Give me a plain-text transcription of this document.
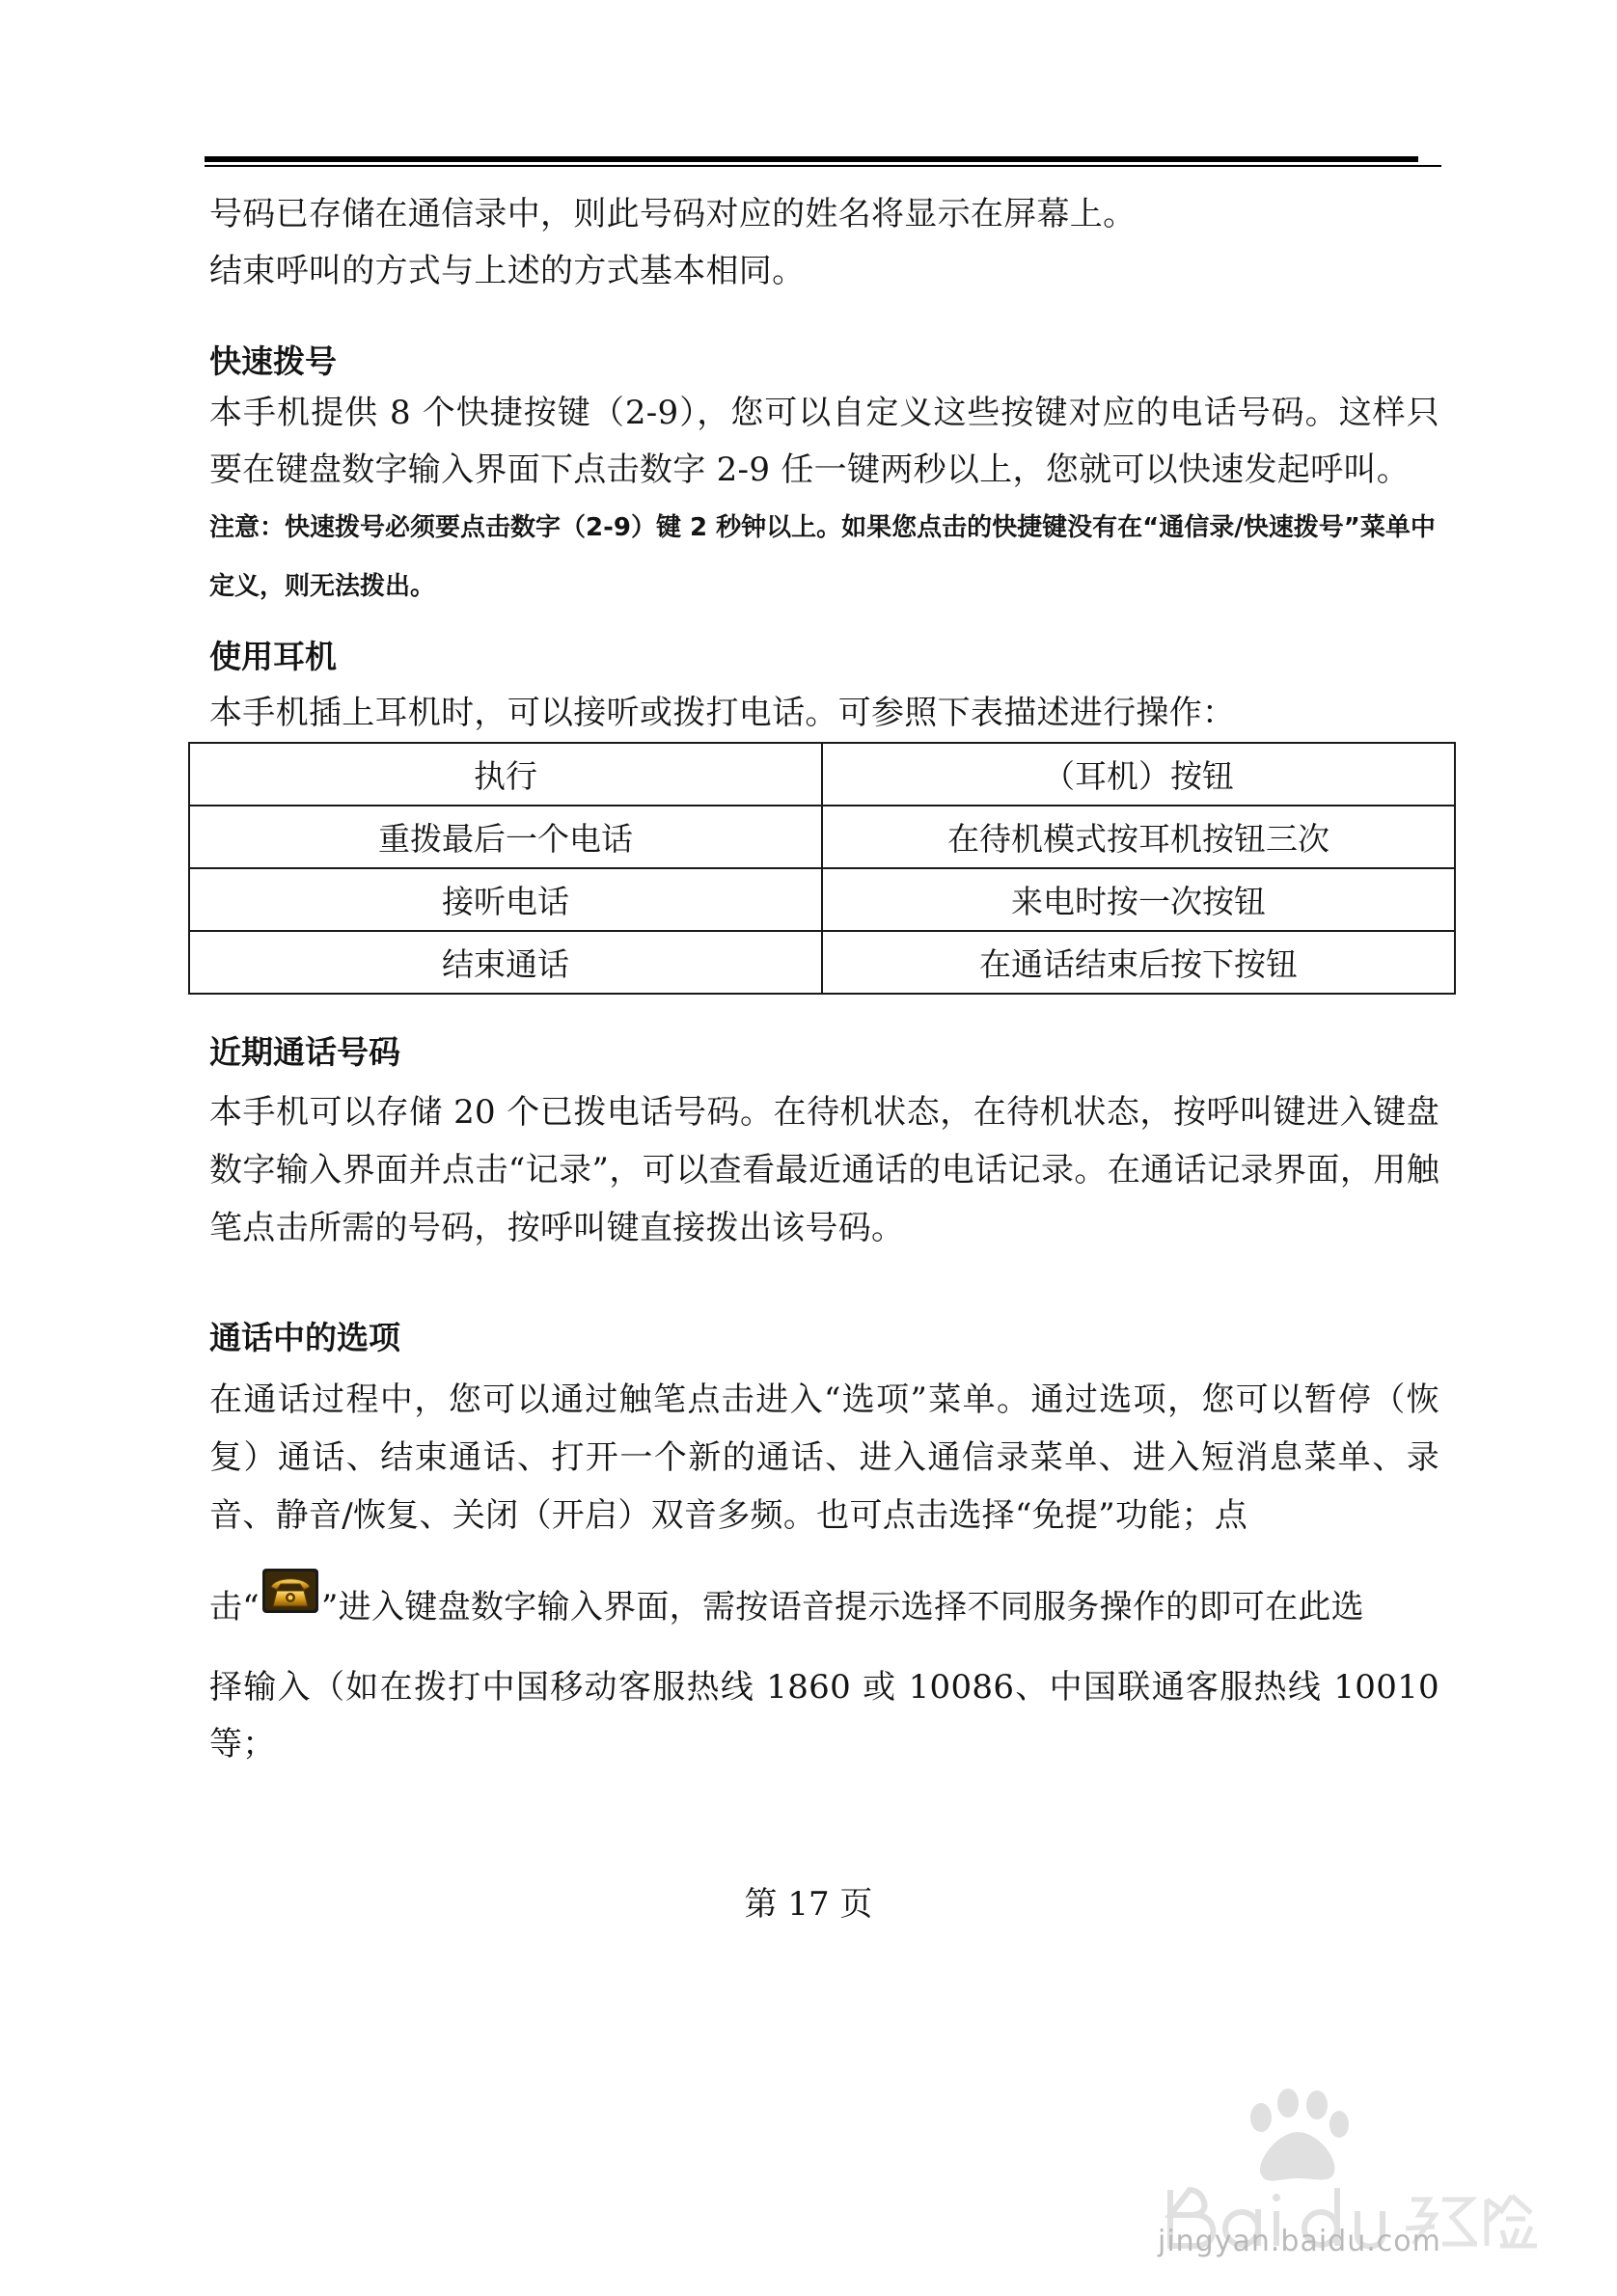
号码已存储在通信录中，则此号码对应的姓名将显示在屏幕上。

结束呼叫的方式与上述的方式基本相同。

快速拨号

本手机提供 8 个快捷按键（2-9），您可以自定义这些按键对应的电话号码。这样只要在键盘数字输入界面下点击数字 2-9 任一键两秒以上，您就可以快速发起呼叫。

注意：快速拨号必须要点击数字（2-9）键 2 秒钟以上。如果您点击的快捷键没有在“通信录/快速拨号”菜单中定义，则无法拨出。

使用耳机

本手机插上耳机时，可以接听或拨打电话。可参照下表描述进行操作：

执行	（耳机）按钮
重拨最后一个电话	在待机模式按耳机按钮三次
接听电话	来电时按一次按钮
结束通话	在通话结束后按下按钮
近期通话号码

本手机可以存储 20 个已拨电话号码。在待机状态，在待机状态，按呼叫键进入键盘数字输入界面并点击“记录”，可以查看最近通话的电话记录。在通话记录界面，用触笔点击所需的号码，按呼叫键直接拨出该号码。

通话中的选项

在通话过程中，您可以通过触笔点击进入“选项”菜单。通过选项，您可以暂停（恢复）通话、结束通话、打开一个新的通话、进入通信录菜单、进入短消息菜单、录音、静音/恢复、关闭（开启）双音多频。也可点击选择“免提”功能；点

击“ ”进入键盘数字输入界面，需按语音提示选择不同服务操作的即可在此选

择输入（如在拨打中国移动客服热线 1860 或 10086、中国联通客服热线 10010 等；

第 17 页
jingyan.baidu.com
